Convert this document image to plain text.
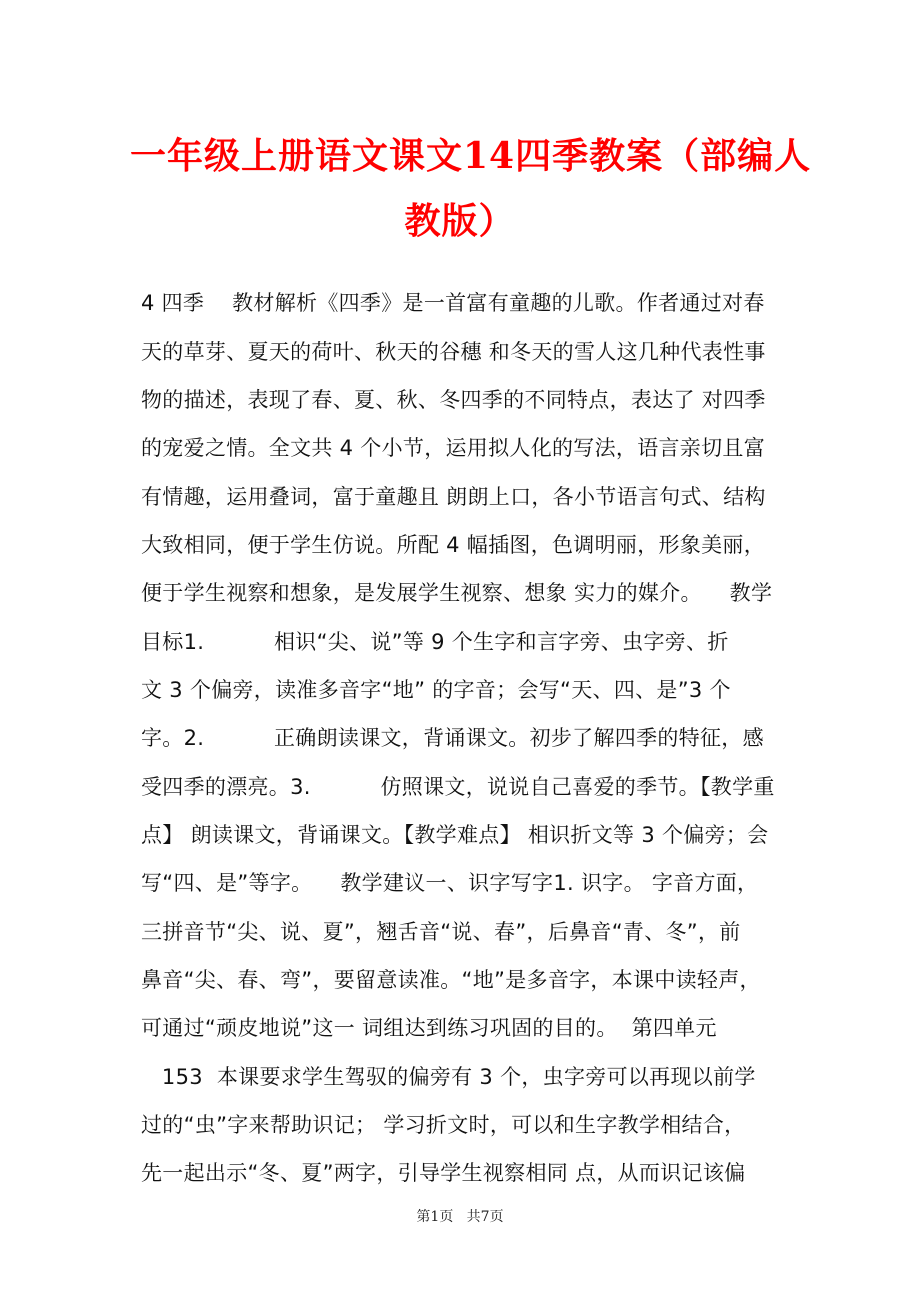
一年级上册语文课文14四季教案（部编人
教版）
4 四季    教材解析《四季》是一首富有童趣的儿歌。作者通过对春
天的草芽、夏天的荷叶、秋天的谷穗 和冬天的雪人这几种代表性事
物的描述，表现了春、夏、秋、冬四季的不同特点，表达了 对四季
的宠爱之情。全文共 4 个小节，运用拟人化的写法，语言亲切且富
有情趣，运用叠词，富于童趣且 朗朗上口，各小节语言句式、结构
大致相同，便于学生仿说。所配 4 幅插图，色调明丽，形象美丽，
便于学生视察和想象，是发展学生视察、想象 实力的媒介。    教学
目标1.          相识“尖、说”等 9 个生字和言字旁、虫字旁、折
文 3 个偏旁，读准多音字“地” 的字音；会写“天、四、是”3 个
字。2.          正确朗读课文，背诵课文。初步了解四季的特征，感
受四季的漂亮。3.          仿照课文，说说自己喜爱的季节。【教学重
点】 朗读课文，背诵课文。【教学难点】 相识折文等 3 个偏旁；会
写“四、是”等字。    教学建议一、识字写字1. 识字。 字音方面，
三拼音节“尖、说、夏”，翘舌音“说、春”，后鼻音“青、冬”，前
鼻音“尖、春、弯”，要留意读准。“地”是多音字，本课中读轻声，
可通过“顽皮地说”这一 词组达到练习巩固的目的。  第四单元
153  本课要求学生驾驭的偏旁有 3 个，虫字旁可以再现以前学
过的“虫”字来帮助识记； 学习折文时，可以和生字教学相结合，
先一起出示“冬、夏”两字，引导学生视察相同 点，从而识记该偏
第1页   共7页
